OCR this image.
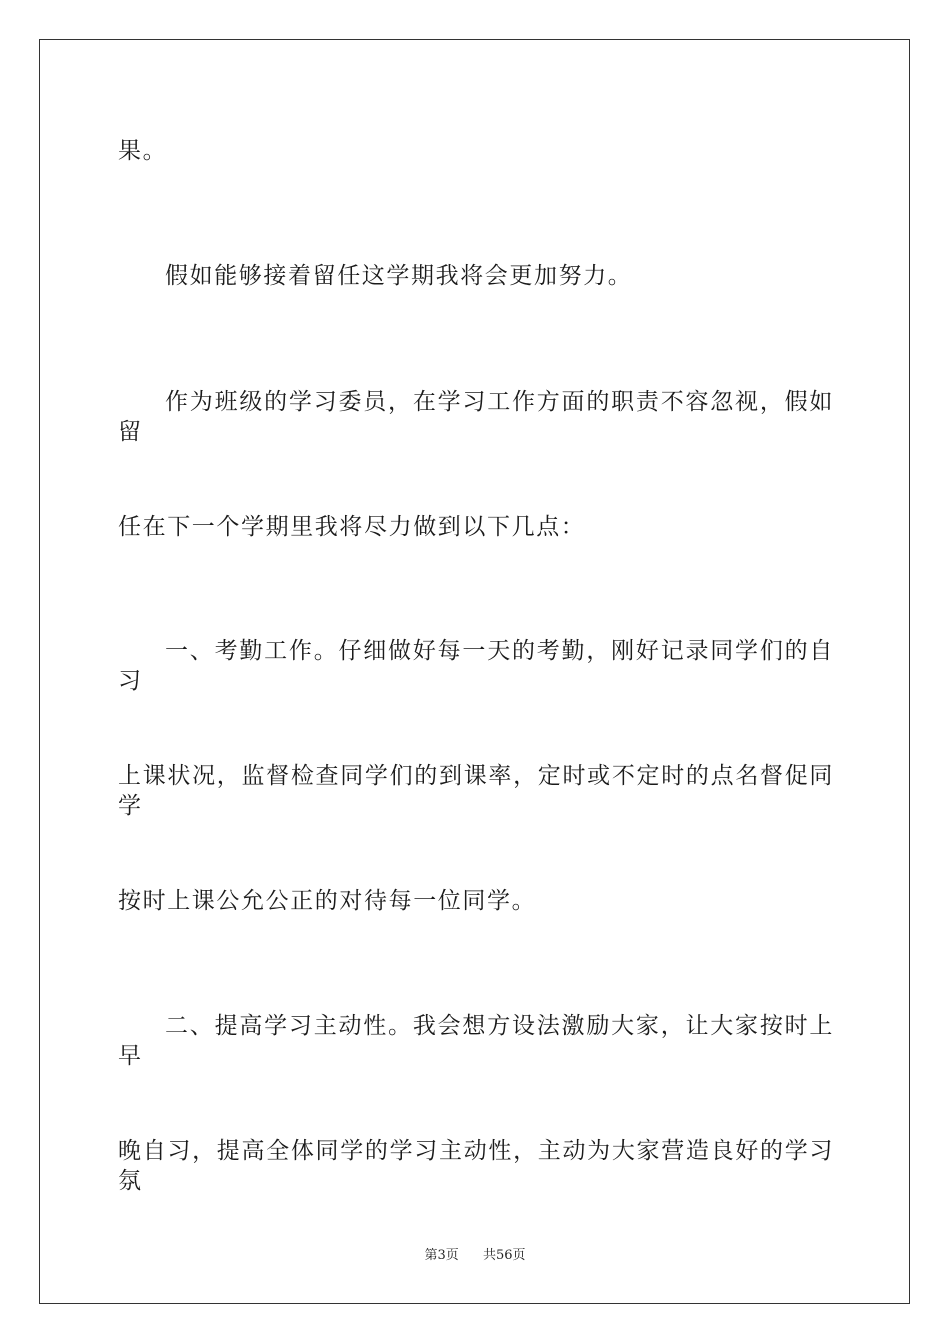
果。
假如能够接着留任这学期我将会更加努力。
作为班级的学习委员，在学习工作方面的职责不容忽视，假如留
任在下一个学期里我将尽力做到以下几点：
一、考勤工作。仔细做好每一天的考勤，刚好记录同学们的自习
上课状况，监督检查同学们的到课率，定时或不定时的点名督促同学
按时上课公允公正的对待每一位同学。
二、提高学习主动性。我会想方设法激励大家，让大家按时上早
晚自习，提高全体同学的学习主动性，主动为大家营造良好的学习氛
第3页 共56页
